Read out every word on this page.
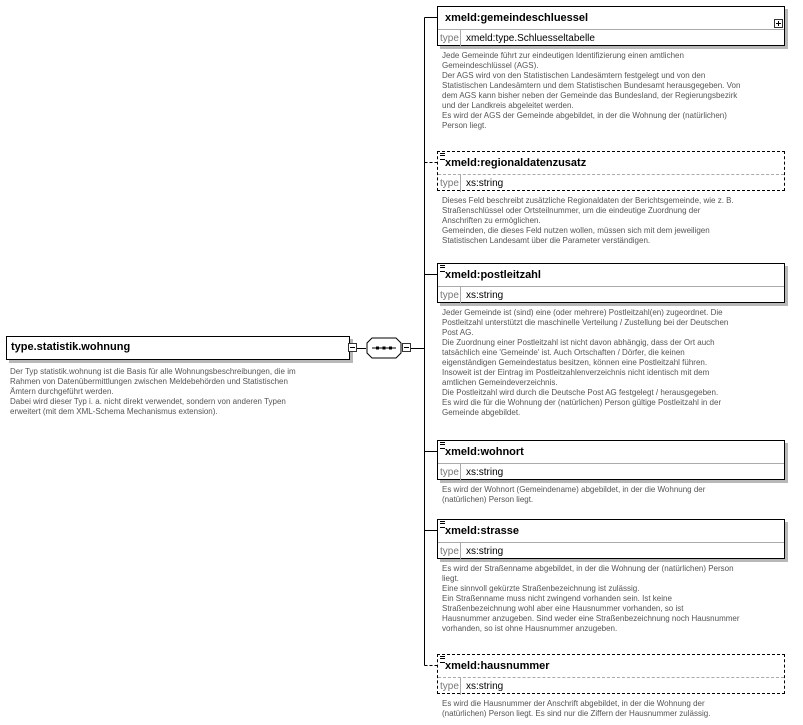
type.statistik.wohnung
Der Typ statistik.wohnung ist die Basis für alle Wohnungsbeschreibungen, die im
Rahmen von Datenübermittlungen zwischen Meldebehörden und Statistischen
Ämtern durchgeführt werden.
Dabei wird dieser Typ i. a. nicht direkt verwendet, sondern von anderen Typen
erweitert (mit dem XML-Schema Mechanismus extension).
xmeld:gemeindeschluessel
type xmeld:type.Schluesseltabelle
Jede Gemeinde führt zur eindeutigen Identifizierung einen amtlichen
Gemeindeschlüssel (AGS).
Der AGS wird von den Statistischen Landesämtern festgelegt und von den
Statistischen Landesämtern und dem Statistischen Bundesamt herausgegeben. Von
dem AGS kann bisher neben der Gemeinde das Bundesland, der Regierungsbezirk
und der Landkreis abgeleitet werden.
Es wird der AGS der Gemeinde abgebildet, in der die Wohnung der (natürlichen)
Person liegt.
xmeld:regionaldatenzusatz
type xs:string
Dieses Feld beschreibt zusätzliche Regionaldaten der Berichtsgemeinde, wie z. B.
Straßenschlüssel oder Ortsteilnummer, um die eindeutige Zuordnung der
Anschriften zu ermöglichen.
Gemeinden, die dieses Feld nutzen wollen, müssen sich mit dem jeweiligen
Statistischen Landesamt über die Parameter verständigen.
xmeld:postleitzahl
type xs:string
Jeder Gemeinde ist (sind) eine (oder mehrere) Postleitzahl(en) zugeordnet. Die
Postleitzahl unterstützt die maschinelle Verteilung / Zustellung bei der Deutschen
Post AG.
Die Zuordnung einer Postleitzahl ist nicht davon abhängig, dass der Ort auch
tatsächlich eine 'Gemeinde' ist. Auch Ortschaften / Dörfer, die keinen
eigenständigen Gemeindestatus besitzen, können eine Postleitzahl führen.
Insoweit ist der Eintrag im Postleitzahlenverzeichnis nicht identisch mit dem
amtlichen Gemeindeverzeichnis.
Die Postleitzahl wird durch die Deutsche Post AG festgelegt / herausgegeben.
Es wird die für die Wohnung der (natürlichen) Person gültige Postleitzahl in der
Gemeinde abgebildet.
xmeld:wohnort
type xs:string
Es wird der Wohnort (Gemeindename) abgebildet, in der die Wohnung der
(natürlichen) Person liegt.
xmeld:strasse
type xs:string
Es wird der Straßenname abgebildet, in der die Wohnung der (natürlichen) Person
liegt.
Eine sinnvoll gekürzte Straßenbezeichnung ist zulässig.
Ein Straßenname muss nicht zwingend vorhanden sein. Ist keine
Straßenbezeichnung wohl aber eine Hausnummer vorhanden, so ist
Hausnummer anzugeben. Sind weder eine Straßenbezeichnung noch Hausnummer
vorhanden, so ist ohne Hausnummer anzugeben.
xmeld:hausnummer
type xs:string
Es wird die Hausnummer der Anschrift abgebildet, in der die Wohnung der
(natürlichen) Person liegt. Es sind nur die Ziffern der Hausnummer zulässig.
